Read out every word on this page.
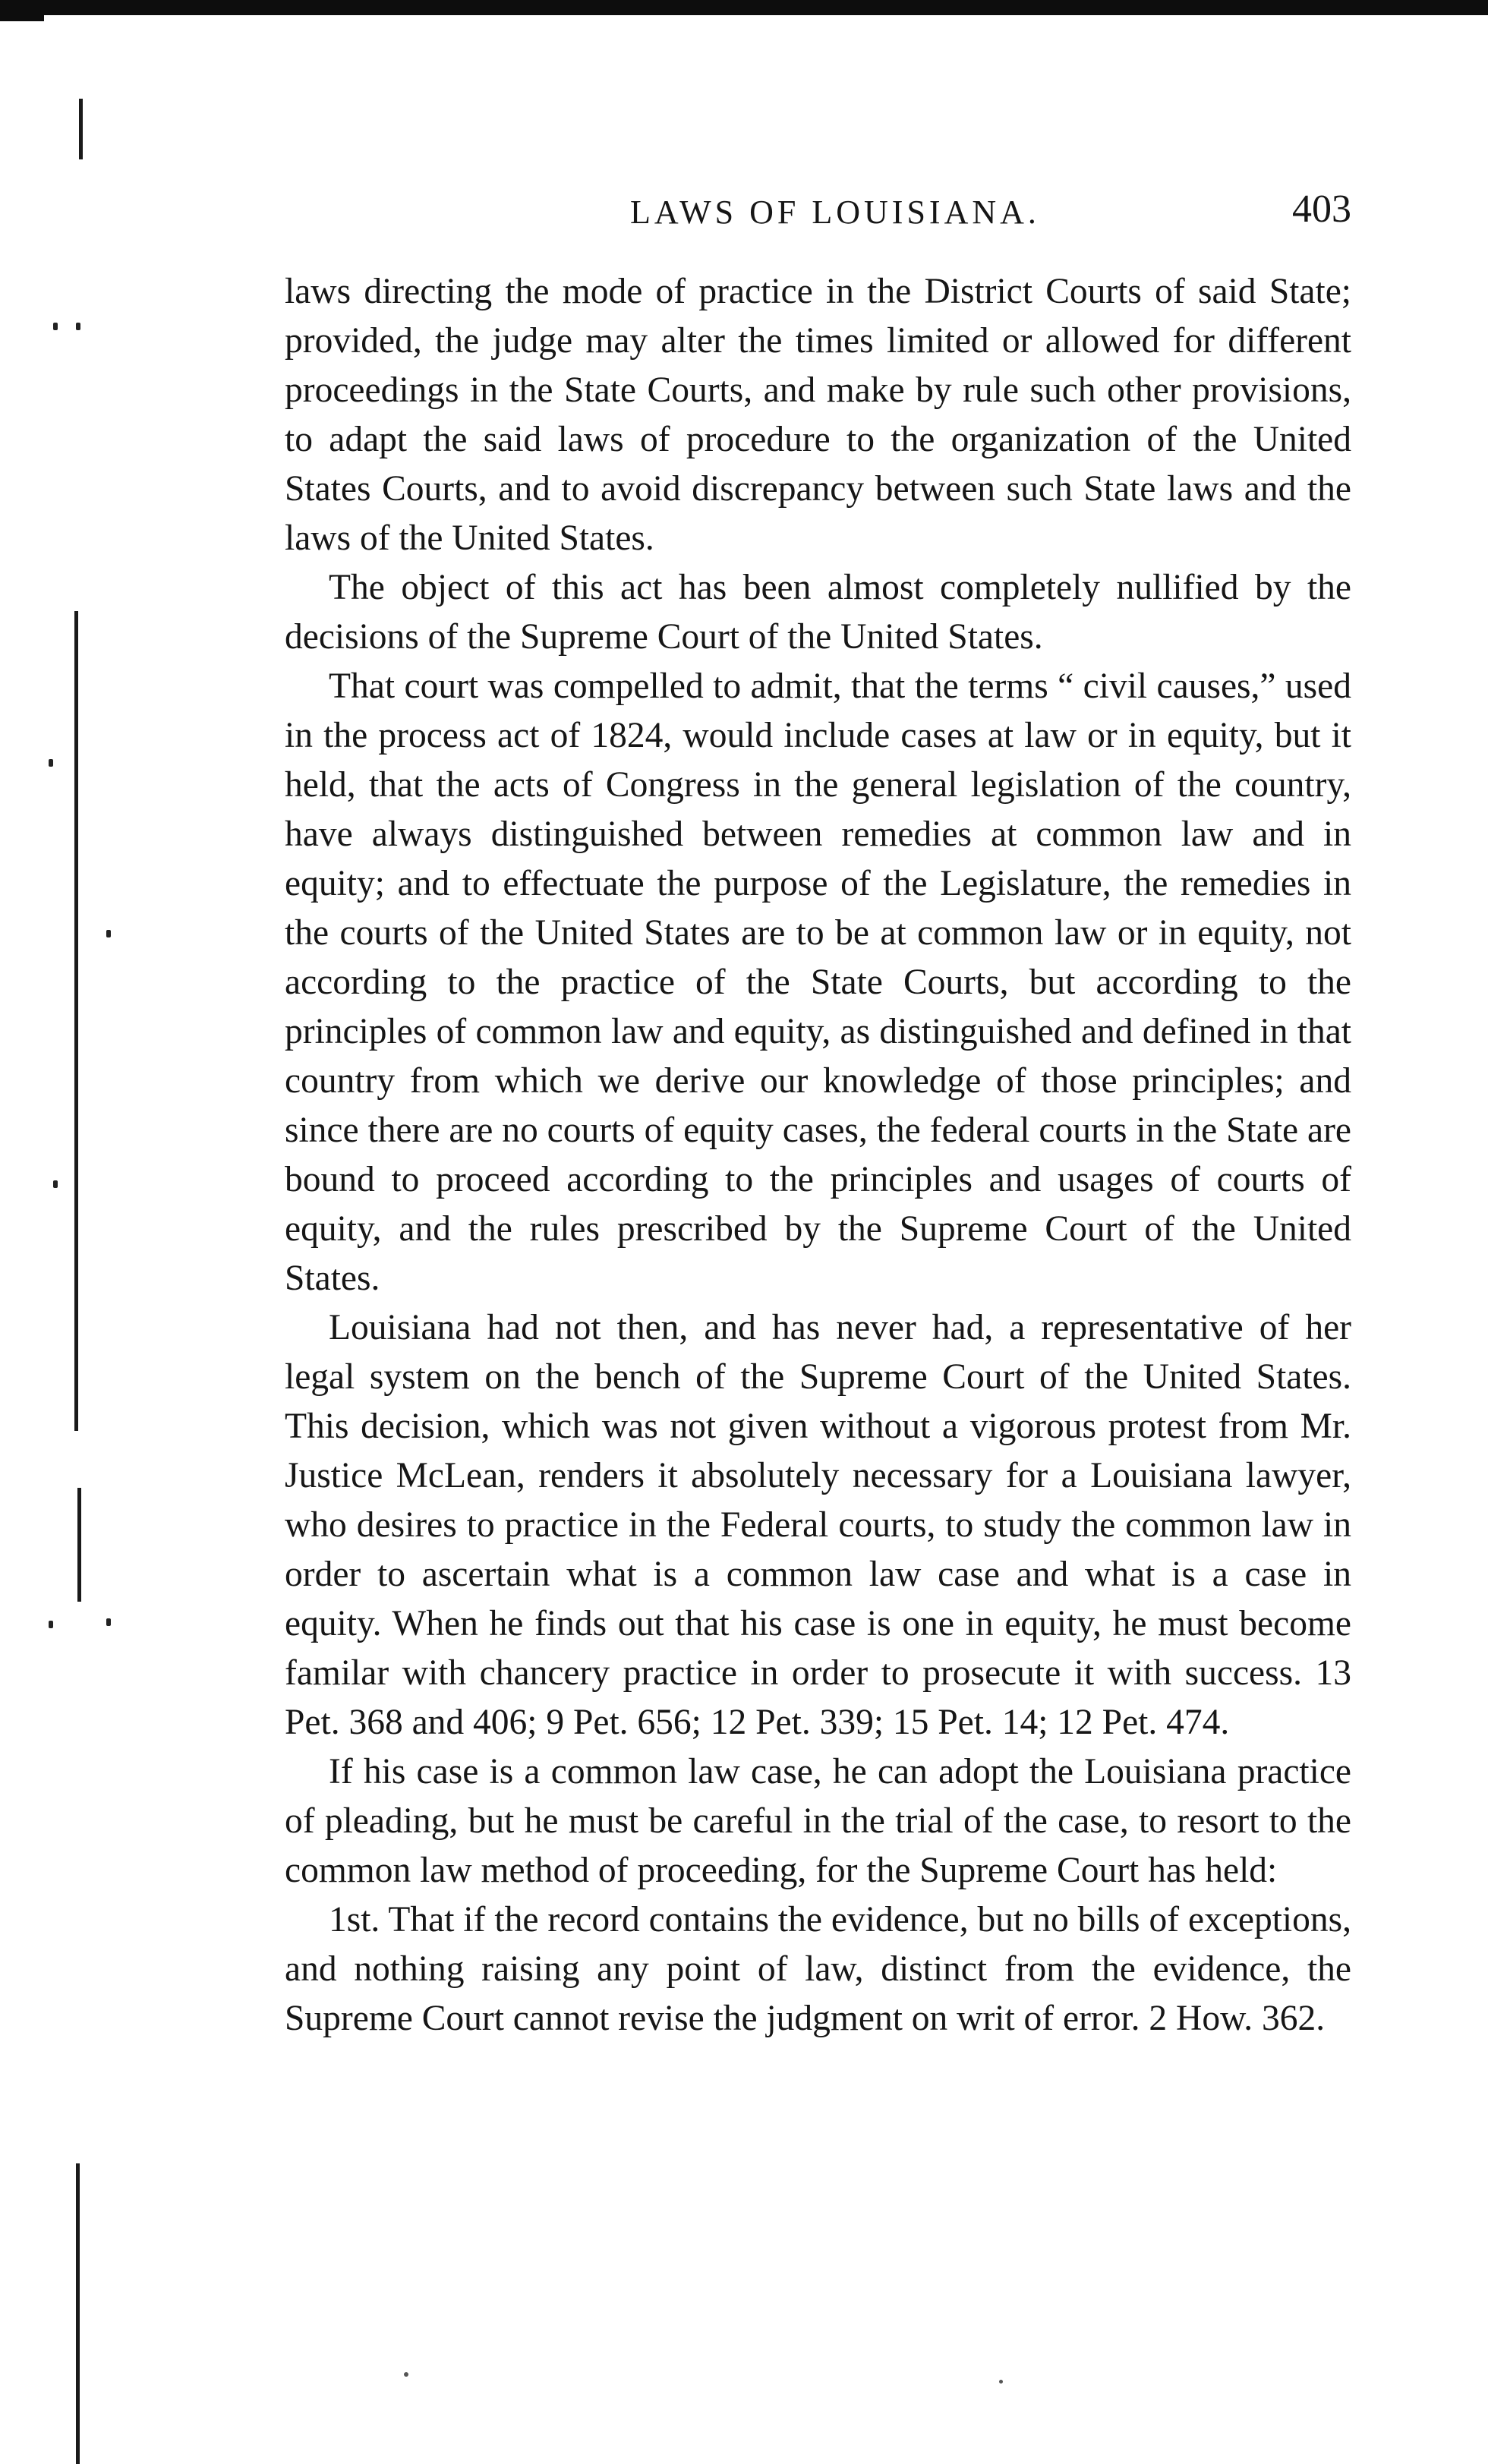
LAWS OF LOUISIANA.	403

laws directing the mode of practice in the District Courts of said State; provided, the judge may alter the times limited or allowed for different proceedings in the State Courts, and make by rule such other provisions, to adapt the said laws of procedure to the organization of the United States Courts, and to avoid discrepancy between such State laws and the laws of the United States.

The object of this act has been almost completely nullified by the decisions of the Supreme Court of the United States.

That court was compelled to admit, that the terms “ civil causes,” used in the process act of 1824, would include cases at law or in equity, but it held, that the acts of Congress in the general legislation of the country, have always distinguished between remedies at common law and in equity; and to effectuate the purpose of the Legislature, the remedies in the courts of the United States are to be at common law or in equity, not according to the practice of the State Courts, but according to the principles of common law and equity, as distinguished and defined in that country from which we derive our knowledge of those principles; and since there are no courts of equity cases, the federal courts in the State are bound to proceed according to the principles and usages of courts of equity, and the rules prescribed by the Supreme Court of the United States.

Louisiana had not then, and has never had, a representative of her legal system on the bench of the Supreme Court of the United States. This decision, which was not given without a vigorous protest from Mr. Justice McLean, renders it absolutely necessary for a Louisiana lawyer, who desires to practice in the Federal courts, to study the common law in order to ascertain what is a common law case and what is a case in equity. When he finds out that his case is one in equity, he must become familar with chancery practice in order to prosecute it with success. 13 Pet. 368 and 406; 9 Pet. 656; 12 Pet. 339; 15 Pet. 14; 12 Pet. 474.

If his case is a common law case, he can adopt the Louisiana practice of pleading, but he must be careful in the trial of the case, to resort to the common law method of proceeding, for the Supreme Court has held:

1st. That if the record contains the evidence, but no bills of exceptions, and nothing raising any point of law, distinct from the evidence, the Supreme Court cannot revise the judgment on writ of error. 2 How. 362.
